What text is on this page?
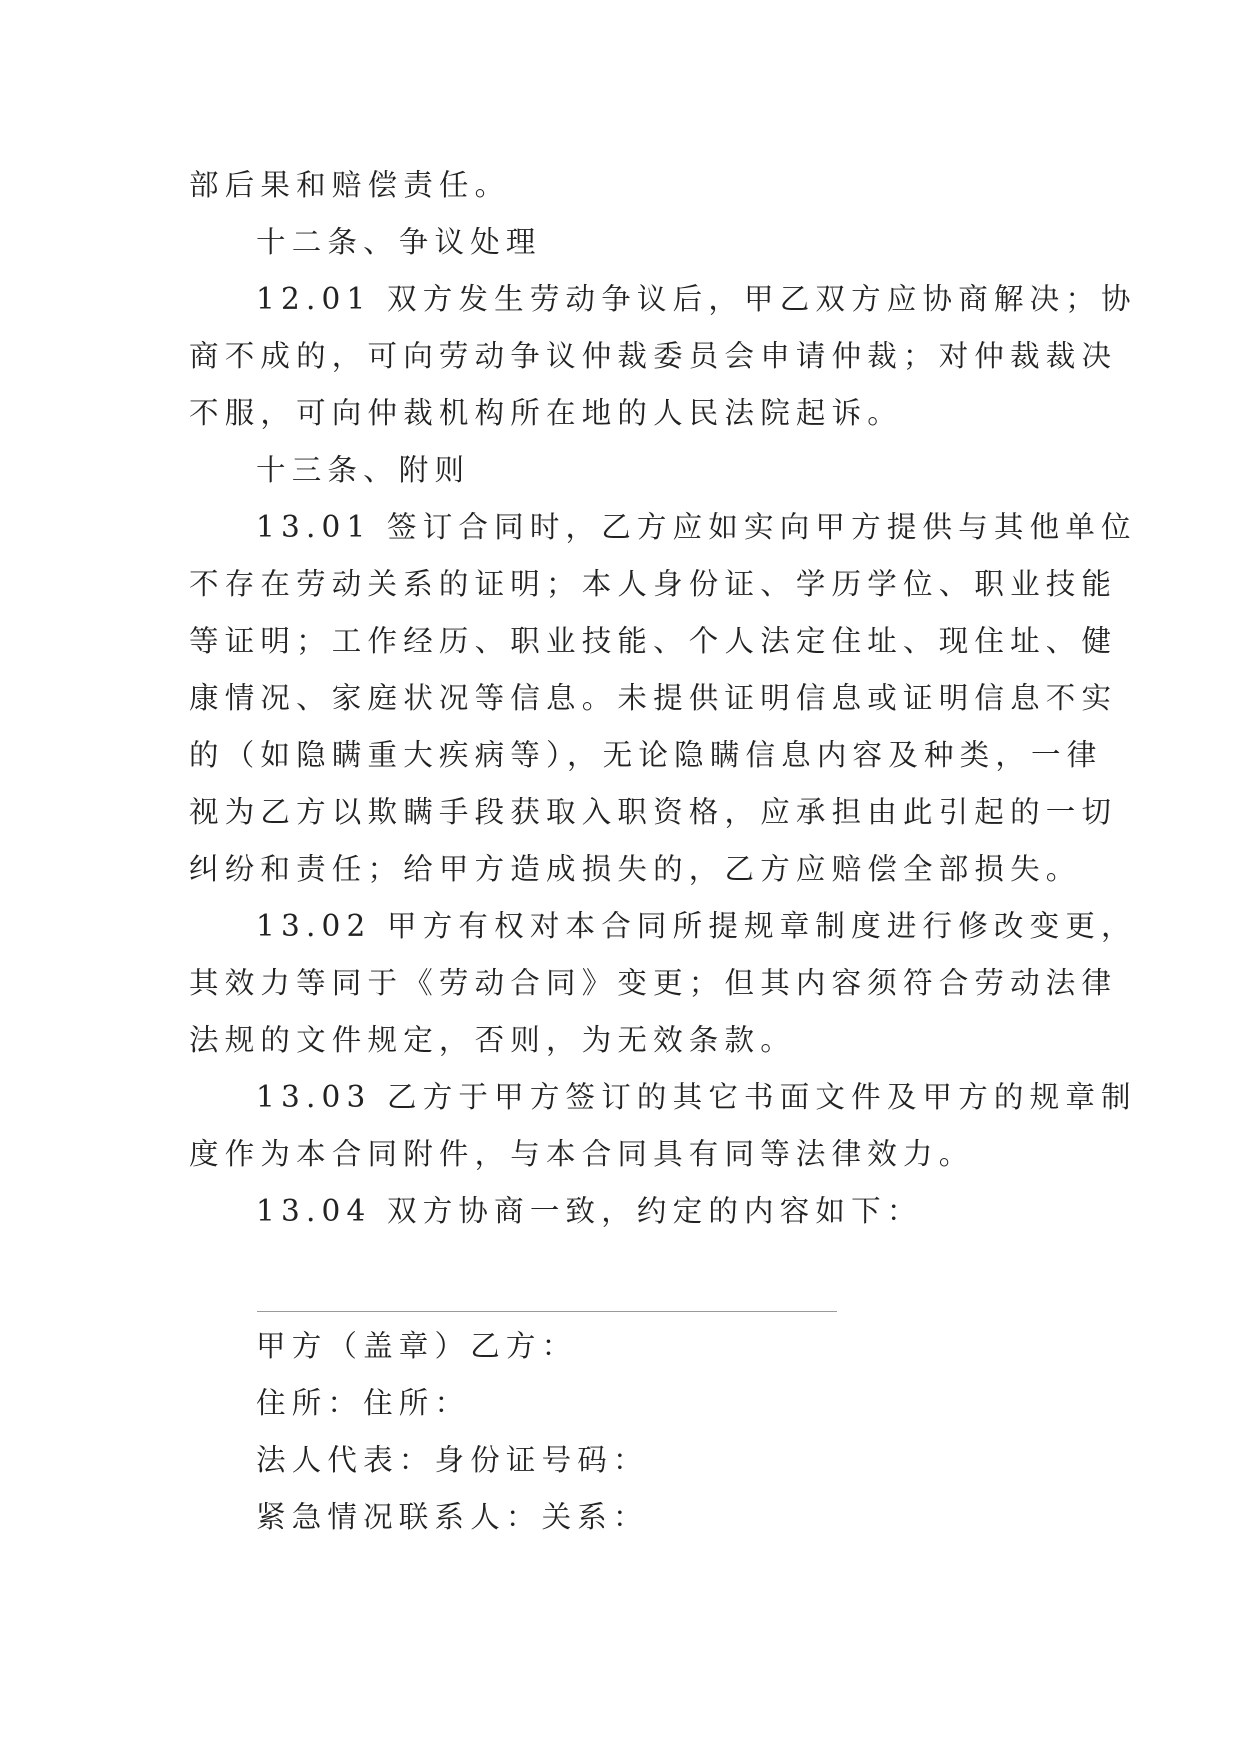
部后果和赔偿责任。
十二条、争议处理
12.01 双方发生劳动争议后，甲乙双方应协商解决；协
商不成的，可向劳动争议仲裁委员会申请仲裁；对仲裁裁决
不服，可向仲裁机构所在地的人民法院起诉。
十三条、附则
13.01 签订合同时，乙方应如实向甲方提供与其他单位
不存在劳动关系的证明；本人身份证、学历学位、职业技能
等证明；工作经历、职业技能、个人法定住址、现住址、健
康情况、家庭状况等信息。未提供证明信息或证明信息不实
的（如隐瞒重大疾病等），无论隐瞒信息内容及种类，一律
视为乙方以欺瞒手段获取入职资格，应承担由此引起的一切
纠纷和责任；给甲方造成损失的，乙方应赔偿全部损失。
13.02 甲方有权对本合同所提规章制度进行修改变更，
其效力等同于《劳动合同》变更；但其内容须符合劳动法律
法规的文件规定，否则，为无效条款。
13.03 乙方于甲方签订的其它书面文件及甲方的规章制
度作为本合同附件，与本合同具有同等法律效力。
13.04 双方协商一致，约定的内容如下：
甲方（盖章）乙方：
住所：住所：
法人代表：身份证号码：
紧急情况联系人：关系：
